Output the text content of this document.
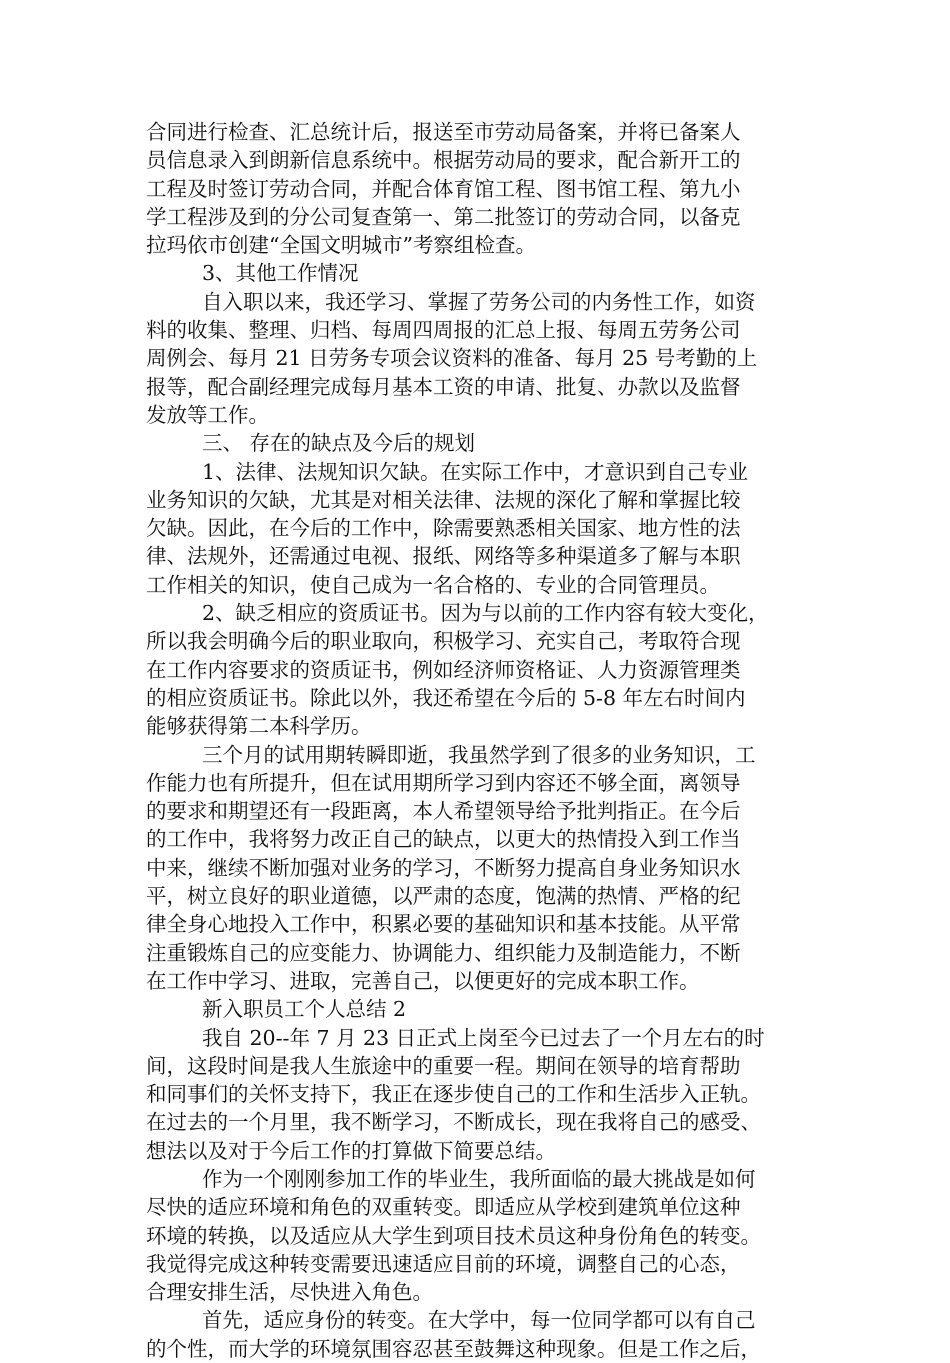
合同进行检查、汇总统计后，报送至市劳动局备案，并将已备案人
员信息录入到朗新信息系统中。根据劳动局的要求，配合新开工的
工程及时签订劳动合同，并配合体育馆工程、图书馆工程、第九小
学工程涉及到的分公司复查第一、第二批签订的劳动合同，以备克
拉玛依市创建“全国文明城市”考察组检查。
3、其他工作情况
自入职以来，我还学习、掌握了劳务公司的内务性工作，如资
料的收集、整理、归档、每周四周报的汇总上报、每周五劳务公司
周例会、每月 21 日劳务专项会议资料的准备、每月 25 号考勤的上
报等，配合副经理完成每月基本工资的申请、批复、办款以及监督
发放等工作。
三、 存在的缺点及今后的规划
1、法律、法规知识欠缺。在实际工作中，才意识到自己专业
业务知识的欠缺，尤其是对相关法律、法规的深化了解和掌握比较
欠缺。因此，在今后的工作中，除需要熟悉相关国家、地方性的法
律、法规外，还需通过电视、报纸、网络等多种渠道多了解与本职
工作相关的知识，使自己成为一名合格的、专业的合同管理员。
2、缺乏相应的资质证书。因为与以前的工作内容有较大变化，
所以我会明确今后的职业取向，积极学习、充实自己，考取符合现
在工作内容要求的资质证书，例如经济师资格证、人力资源管理类
的相应资质证书。除此以外，我还希望在今后的 5-8 年左右时间内
能够获得第二本科学历。
三个月的试用期转瞬即逝，我虽然学到了很多的业务知识，工
作能力也有所提升，但在试用期所学习到内容还不够全面，离领导
的要求和期望还有一段距离，本人希望领导给予批判指正。在今后
的工作中，我将努力改正自己的缺点，以更大的热情投入到工作当
中来，继续不断加强对业务的学习，不断努力提高自身业务知识水
平，树立良好的职业道德，以严肃的态度，饱满的热情、严格的纪
律全身心地投入工作中，积累必要的基础知识和基本技能。从平常
注重锻炼自己的应变能力、协调能力、组织能力及制造能力，不断
在工作中学习、进取，完善自己，以便更好的完成本职工作。
新入职员工个人总结 2
我自 20--年 7 月 23 日正式上岗至今已过去了一个月左右的时
间，这段时间是我人生旅途中的重要一程。期间在领导的培育帮助
和同事们的关怀支持下，我正在逐步使自己的工作和生活步入正轨。
在过去的一个月里，我不断学习，不断成长，现在我将自己的感受、
想法以及对于今后工作的打算做下简要总结。
作为一个刚刚参加工作的毕业生，我所面临的最大挑战是如何
尽快的适应环境和角色的双重转变。即适应从学校到建筑单位这种
环境的转换，以及适应从大学生到项目技术员这种身份角色的转变。
我觉得完成这种转变需要迅速适应目前的环境，调整自己的心态，
合理安排生活，尽快进入角色。
首先，适应身份的转变。在大学中，每一位同学都可以有自己
的个性，而大学的环境氛围容忍甚至鼓舞这种现象。但是工作之后，
